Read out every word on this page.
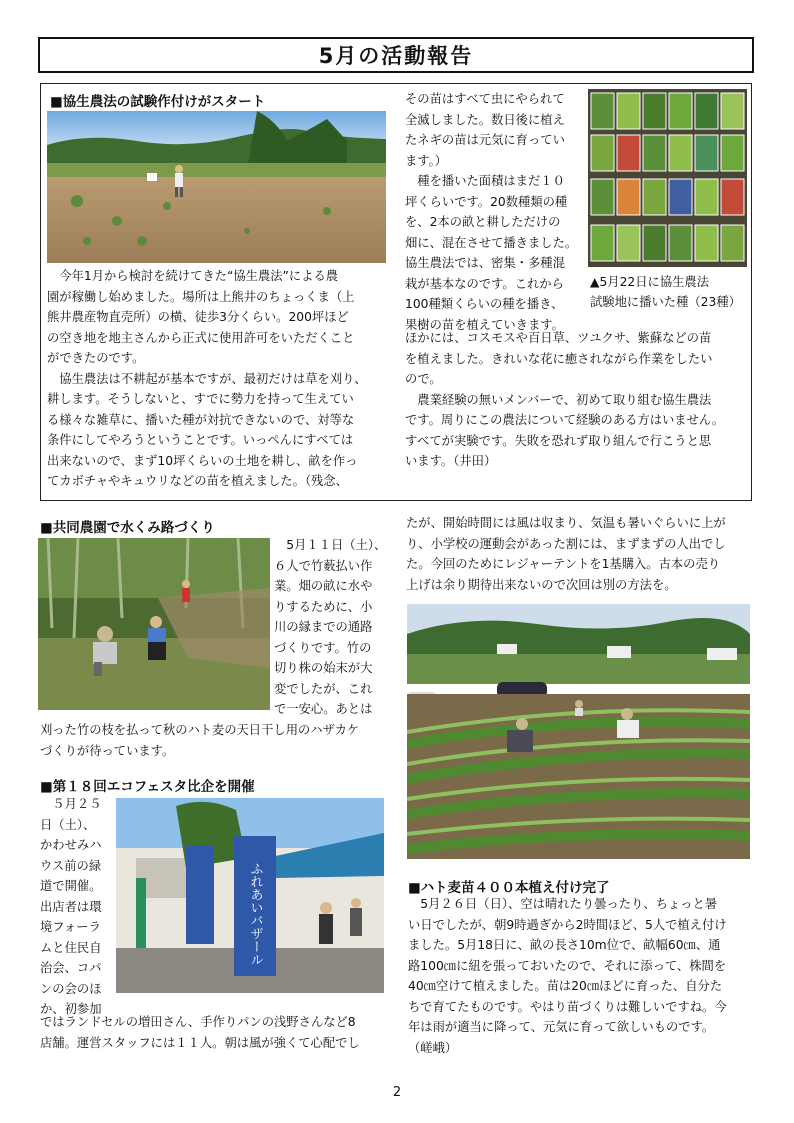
5月の活動報告
■協生農法の試験作付けがスタート	その苗はすべて虫にやられて
全滅しました。数日後に植え
たネギの苗は元気に育ってい
ます。）
　種を播いた面積はまだ１０
坪くらいです。20数種類の種
を、2本の畝と耕しただけの
畑に、混在させて播きました。
協生農法では、密集・多種混
栽が基本なのです。これから
100種類くらいの種を播き、
果樹の苗を植えていきます。
▲5月22日に協生農法
試験地に播いた種（23種）
　今年1月から検討を続けてきた“協生農法”による農
園が稼働し始めました。場所は上熊井のちょっくま（上
熊井農産物直売所）の横、徒歩3分くらい。200坪ほど
の空き地を地主さんから正式に使用許可をいただくこと
ができたのです。
　協生農法は不耕起が基本ですが、最初だけは草を刈り、
耕します。そうしないと、すでに勢力を持って生えてい
る様々な雑草に、播いた種が対抗できないので、対等な
条件にしてやろうということです。いっぺんにすべては
出来ないので、まず10坪くらいの土地を耕し、畝を作っ
てカボチャやキュウリなどの苗を植えました。（残念、
ほかには、コスモスや百日草、ツユクサ、紫蘇などの苗
を植えました。きれいな花に癒されながら作業をしたい
ので。
　農業経験の無いメンバーで、初めて取り組む協生農法
です。周りにこの農法について経験のある方はいません。
すべてが実験です。失敗を恐れず取り組んで行こうと思
います。（井田）
■共同農園で水くみ路づくり
　5月１１日（土）、
６人で竹薮払い作
業。畑の畝に水や
りするために、小
川の縁までの通路
づくりです。竹の
切り株の始末が大
変でしたが、これ
で一安心。あとは
刈った竹の枝を払って秋のハト麦の天日干し用のハザカケ
づくりが待っています。
■第１８回エコフェスタ比企を開催
　５月２５
日（土）、
かわせみハ
ウス前の緑
道で開催。
出店者は環
境フォーラ
ムと住民自
治会、コパ
ンの会のほ
か、初参加
ふれあいバザール
ではランドセルの増田さん、手作りパンの浅野さんなど8
店舗。運営スタッフには１１人。朝は風が強くて心配でし
たが、開始時間には風は収まり、気温も暑いぐらいに上が
り、小学校の運動会があった割には、まずまずの人出でし
た。今回のためにレジャーテントを1基購入。古本の売り
上げは余り期待出来ないので次回は別の方法を。
■ハト麦苗４００本植え付け完了
　5月２６日（日）、空は晴れたり曇ったり、ちょっと暑
い日でしたが、朝9時過ぎから2時間ほど、5人で植え付け
ました。5月18日に、畝の長さ10m位で、畝幅60㎝、通
路100㎝に紐を張っておいたので、それに添って、株間を
40㎝空けて植えました。苗は20㎝ほどに育った、自分た
ちで育てたものです。やはり苗づくりは難しいですね。今
年は雨が適当に降って、元気に育って欲しいものです。
（嵯峨）
2
